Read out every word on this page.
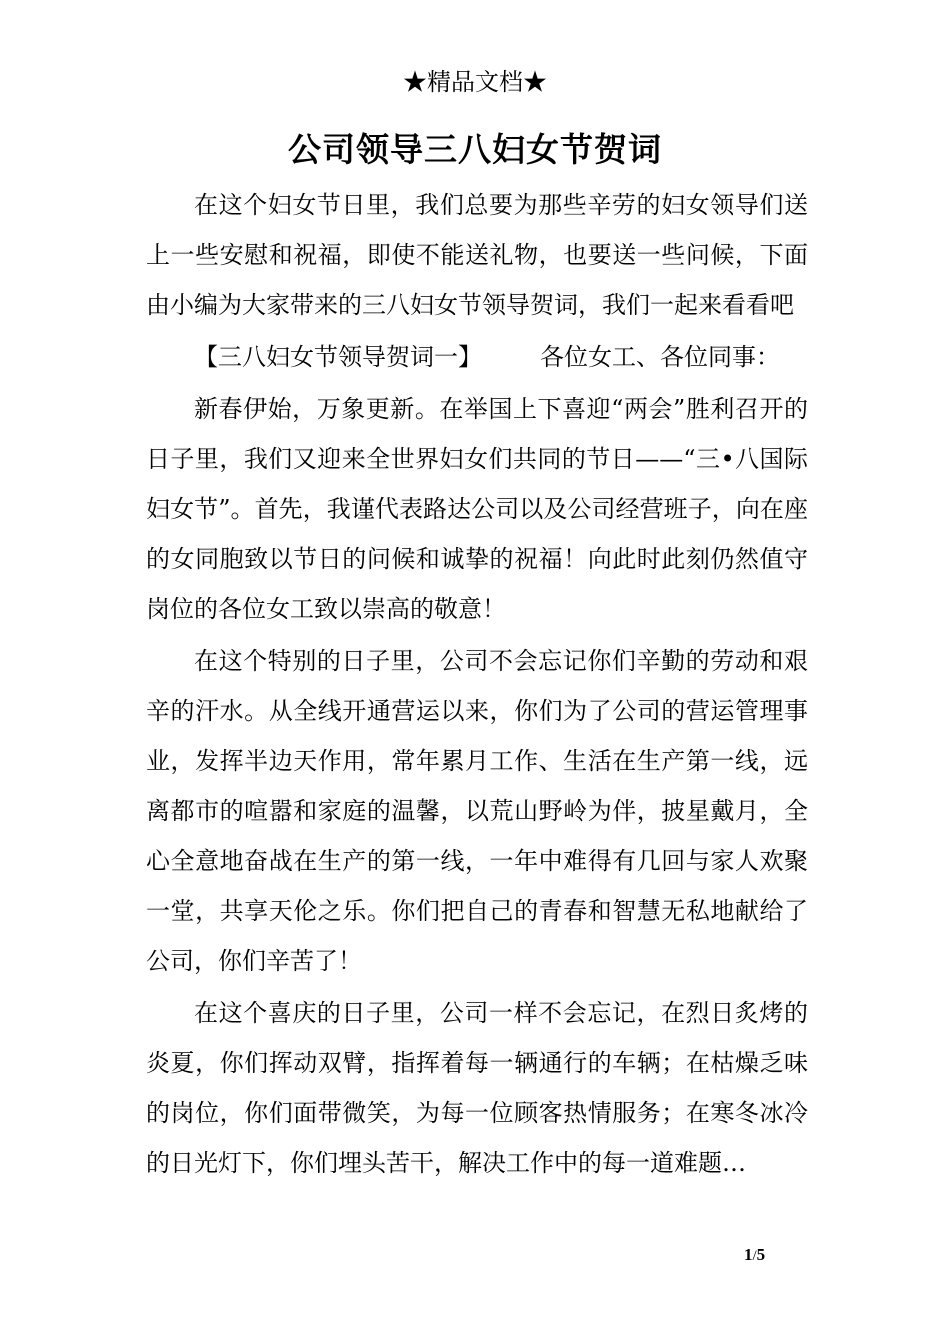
★精品文档★
公司领导三八妇女节贺词

在这个妇女节日里，我们总要为那些辛劳的妇女领导们送上一些安慰和祝福，即使不能送礼物，也要送一些问候，下面由小编为大家带来的三八妇女节领导贺词，我们一起来看看吧

【三八妇女节领导贺词一】 各位女工、各位同事：

新春伊始，万象更新。在举国上下喜迎“两会”胜利召开的日子里，我们又迎来全世界妇女们共同的节日——“三•八国际妇女节”。首先，我谨代表路达公司以及公司经营班子，向在座的女同胞致以节日的问候和诚挚的祝福！向此时此刻仍然值守岗位的各位女工致以崇高的敬意！

在这个特别的日子里，公司不会忘记你们辛勤的劳动和艰辛的汗水。从全线开通营运以来，你们为了公司的营运管理事业，发挥半边天作用，常年累月工作、生活在生产第一线，远离都市的喧嚣和家庭的温馨，以荒山野岭为伴，披星戴月，全心全意地奋战在生产的第一线，一年中难得有几回与家人欢聚一堂，共享天伦之乐。你们把自己的青春和智慧无私地献给了公司，你们辛苦了！

在这个喜庆的日子里，公司一样不会忘记，在烈日炙烤的炎夏，你们挥动双臂，指挥着每一辆通行的车辆；在枯燥乏味的岗位，你们面带微笑，为每一位顾客热情服务；在寒冬冰冷的日光灯下，你们埋头苦干，解决工作中的每一道难题…

1/5
